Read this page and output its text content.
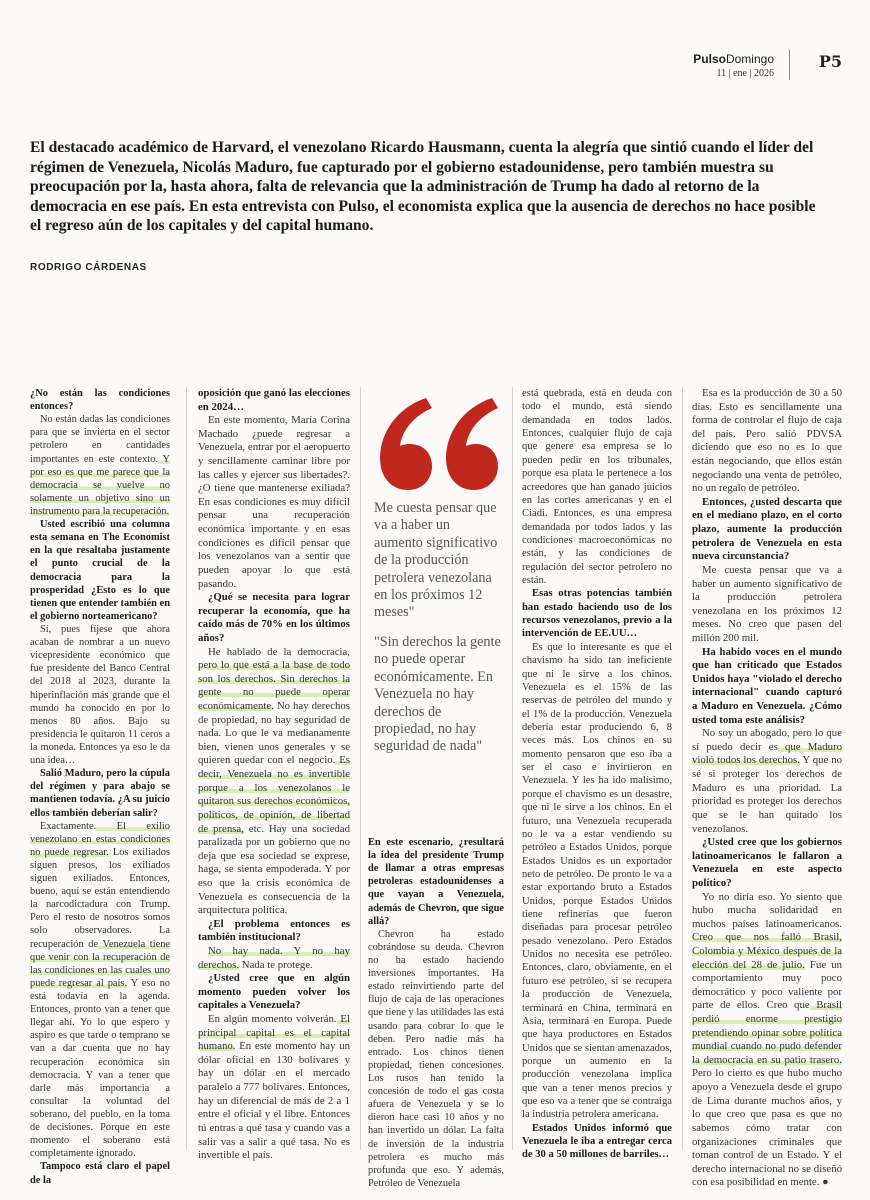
PulsoDomingo
11 | ene | 2026
P5

El destacado académico de Harvard, el venezolano Ricardo Hausmann, cuenta la alegría que sintió cuando el líder del régimen de Venezuela, Nicolás Maduro, fue capturado por el gobierno estadounidense, pero también muestra su preocupación por la, hasta ahora, falta de relevancia que la administración de Trump ha dado al retorno de la democracia en ese país. En esta entrevista con Pulso, el economista explica que la ausencia de derechos no hace posible el regreso aún de los capitales y del capital humano.

RODRIGO CÁRDENAS

¿No están las condiciones entonces?

No están dadas las condiciones para que se invierta en el sector petrolero en cantidades importantes en este contexto. Y por eso es que me parece que la democracia se vuelve no solamente un objetivo sino un instrumento para la recuperación.

Usted escribió una columna esta semana en The Economist en la que resaltaba justamente el punto crucial de la democracia para la prosperidad ¿Esto es lo que tienen que entender también en el gobierno norteamericano?

Sí, pues fíjese que ahora acaban de nombrar a un nuevo vicepresidente económico que fue presidente del Banco Central del 2018 al 2023, durante la hiperinflación más grande que el mundo ha conocido en por lo menos 80 años. Bajo su presidencia le quitaron 11 ceros a la moneda. Entonces ya eso le da una idea…

Salió Maduro, pero la cúpula del régimen y para abajo se mantienen todavía. ¿A su juicio ellos también deberían salir?

Exactamente. El exilio venezolano en estas condiciones no puede regresar. Los exiliados siguen presos, los exiliados siguen exiliados. Entonces, bueno, aquí se están entendiendo la narcodictadura con Trump. Pero el resto de nosotros somos solo observadores. La recuperación de Venezuela tiene que venir con la recuperación de las condiciones en las cuales uno puede regresar al país. Y eso no está todavía en la agenda. Entonces, pronto van a tener que llegar ahí. Yo lo que espero y aspiro es que tarde o temprano se van a dar cuenta que no hay recuperación económica sin democracia. Y van a tener que darle más importancia a consultar la voluntad del soberano, del pueblo, en la toma de decisiones. Porque en este momento el soberano está completamente ignorado.

Tampoco está claro el papel de la

oposición que ganó las elecciones en 2024…

En este momento, María Corina Machado ¿puede regresar a Venezuela, entrar por el aeropuerto y sencillamente caminar libre por las calles y ejercer sus libertades?. ¿O tiene que mantenerse exiliada? En esas condiciones es muy difícil pensar una recuperación económica importante y en esas condiciones es difícil pensar que los venezolanos van a sentir que pueden apoyar lo que está pasando.

¿Qué se necesita para lograr recuperar la economía, que ha caído más de 70% en los últimos años?

He hablado de la democracia, pero lo que está a la base de todo son los derechos. Sin derechos la gente no puede operar económicamente. No hay derechos de propiedad, no hay seguridad de nada. Lo que le va medianamente bien, vienen unos generales y se quieren quedar con el negocio. Es decir, Venezuela no es invertible porque a los venezolanos le quitaron sus derechos económicos, políticos, de opinión, de libertad de prensa, etc. Hay una sociedad paralizada por un gobierno que no deja que esa sociedad se exprese, haga, se sienta empoderada. Y por eso que la crisis económica de Venezuela es consecuencia de la arquitectura política.

¿El problema entonces es también institucional?

No hay nada. Y no hay derechos. Nada te protege.

¿Usted cree que en algún momento pueden volver los capitales a Venezuela?

En algún momento volverán. El principal capital es el capital humano. En este momento hay un dólar oficial en 130 bolívares y hay un dólar en el mercado paralelo a 777 bolívares. Entonces, hay un diferencial de más de 2 a 1 entre el oficial y el libre. Entonces tú entras a qué tasa y cuando vas a salir vas a salir a qué tasa. No es invertible el país.

Me cuesta pensar que va a haber un aumento significativo de la producción petrolera venezolana en los próximos 12 meses"

"Sin derechos la gente no puede operar económicamente. En Venezuela no hay derechos de propiedad, no hay seguridad de nada"

En este escenario, ¿resultará la idea del presidente Trump de llamar a otras empresas petroleras estadounidenses a que vayan a Venezuela, además de Chevron, que sigue allá?

Chevron ha estado cobrándose su deuda. Chevron no ha estado haciendo inversiones importantes. Ha estado reinvirtiendo parte del flujo de caja de las operaciones que tiene y las utilidades las está usando para cobrar lo que le deben. Pero nadie más ha entrado. Los chinos tienen propiedad, tienen concesiones. Los rusos han tenido la concesión de todo el gas costa afuera de Venezuela y se lo dieron hace casi 10 años y no han invertido un dólar. La falta de inversión de la industria petrolera es mucho más profunda que eso. Y además, Petróleo de Venezuela

está quebrada, está en deuda con todo el mundo, está siendo demandada en todos lados. Entonces, cualquier flujo de caja que genere esa empresa se lo pueden pedir en los tribunales, porque esa plata le pertenece a los acreedores que han ganado juicios en las cortes americanas y en el Ciadi. Entonces, es una empresa demandada por todos lados y las condiciones macroeconómicas no están, y las condiciones de regulación del sector petrolero no están.

Esas otras potencias también han estado haciendo uso de los recursos venezolanos, previo a la intervención de EE.UU…

Es que lo interesante es que el chavismo ha sido tan ineficiente que ni le sirve a los chinos. Venezuela es el 15% de las reservas de petróleo del mundo y el 1% de la producción. Venezuela debería estar produciendo 6, 8 veces más. Los chinos en su momento pensaron que eso iba a ser el caso e invirtieron en Venezuela. Y les ha ido malísimo, porque el chavismo es un desastre, que ni le sirve a los chinos. En el futuro, una Venezuela recuperada no le va a estar vendiendo su petróleo a Estados Unidos, porque Estados Unidos es un exportador neto de petróleo. De pronto le va a estar exportando bruto a Estados Unidos, porque Estados Unidos tiene refinerías que fueron diseñadas para procesar petróleo pesado venezolano. Pero Estados Unidos no necesita ese petróleo. Entonces, claro, obviamente, en el futuro ese petróleo, si se recupera la producción de Venezuela, terminará en China, terminará en Asia, terminará en Europa. Puede que haya productores en Estados Unidos que se sientan amenazados, porque un aumento en la producción venezolana implica que van a tener menos precios y que eso va a tener que se contraiga la industria petrolera americana.

Estados Unidos informó que Venezuela le iba a entregar cerca de 30 a 50 millones de barriles…

Esa es la producción de 30 a 50 días. Esto es sencillamente una forma de controlar el flujo de caja del país. Pero salió PDVSA diciendo que eso no es lo que están negociando, que ellos están negociando una venta de petróleo, no un regalo de petróleo.

Entonces, ¿usted descarta que en el mediano plazo, en el corto plazo, aumente la producción petrolera de Venezuela en esta nueva circunstancia?

Me cuesta pensar que va a haber un aumento significativo de la producción petrolera venezolana en los próximos 12 meses. No creo que pasen del millón 200 mil.

Ha habido voces en el mundo que han criticado que Estados Unidos haya "violado el derecho internacional" cuando capturó a Maduro en Venezuela. ¿Cómo usted toma este análisis?

No soy un abogado, pero lo que sí puedo decir es que Maduro violó todos los derechos. Y que no sé si proteger los derechos de Maduro es una prioridad. La prioridad es proteger los derechos que se le han quitado los venezolanos.

¿Usted cree que los gobiernos latinoamericanos le fallaron a Venezuela en este aspecto político?

Yo no diría eso. Yo siento que hubo mucha solidaridad en muchos países latinoamericanos. Creo que nos falló Brasil, Colombia y México después de la elección del 28 de julio. Fue un comportamiento muy poco democrático y poco valiente por parte de ellos. Creo que Brasil perdió enorme prestigio pretendiendo opinar sobre política mundial cuando no pudo defender la democracia en su patio trasero. Pero lo cierto es que hubo mucho apoyo a Venezuela desde el grupo de Lima durante muchos años, y lo que creo que pasa es que no sabemos cómo tratar con organizaciones criminales que toman control de un Estado. Y el derecho internacional no se diseñó con esa posibilidad en mente. ●
